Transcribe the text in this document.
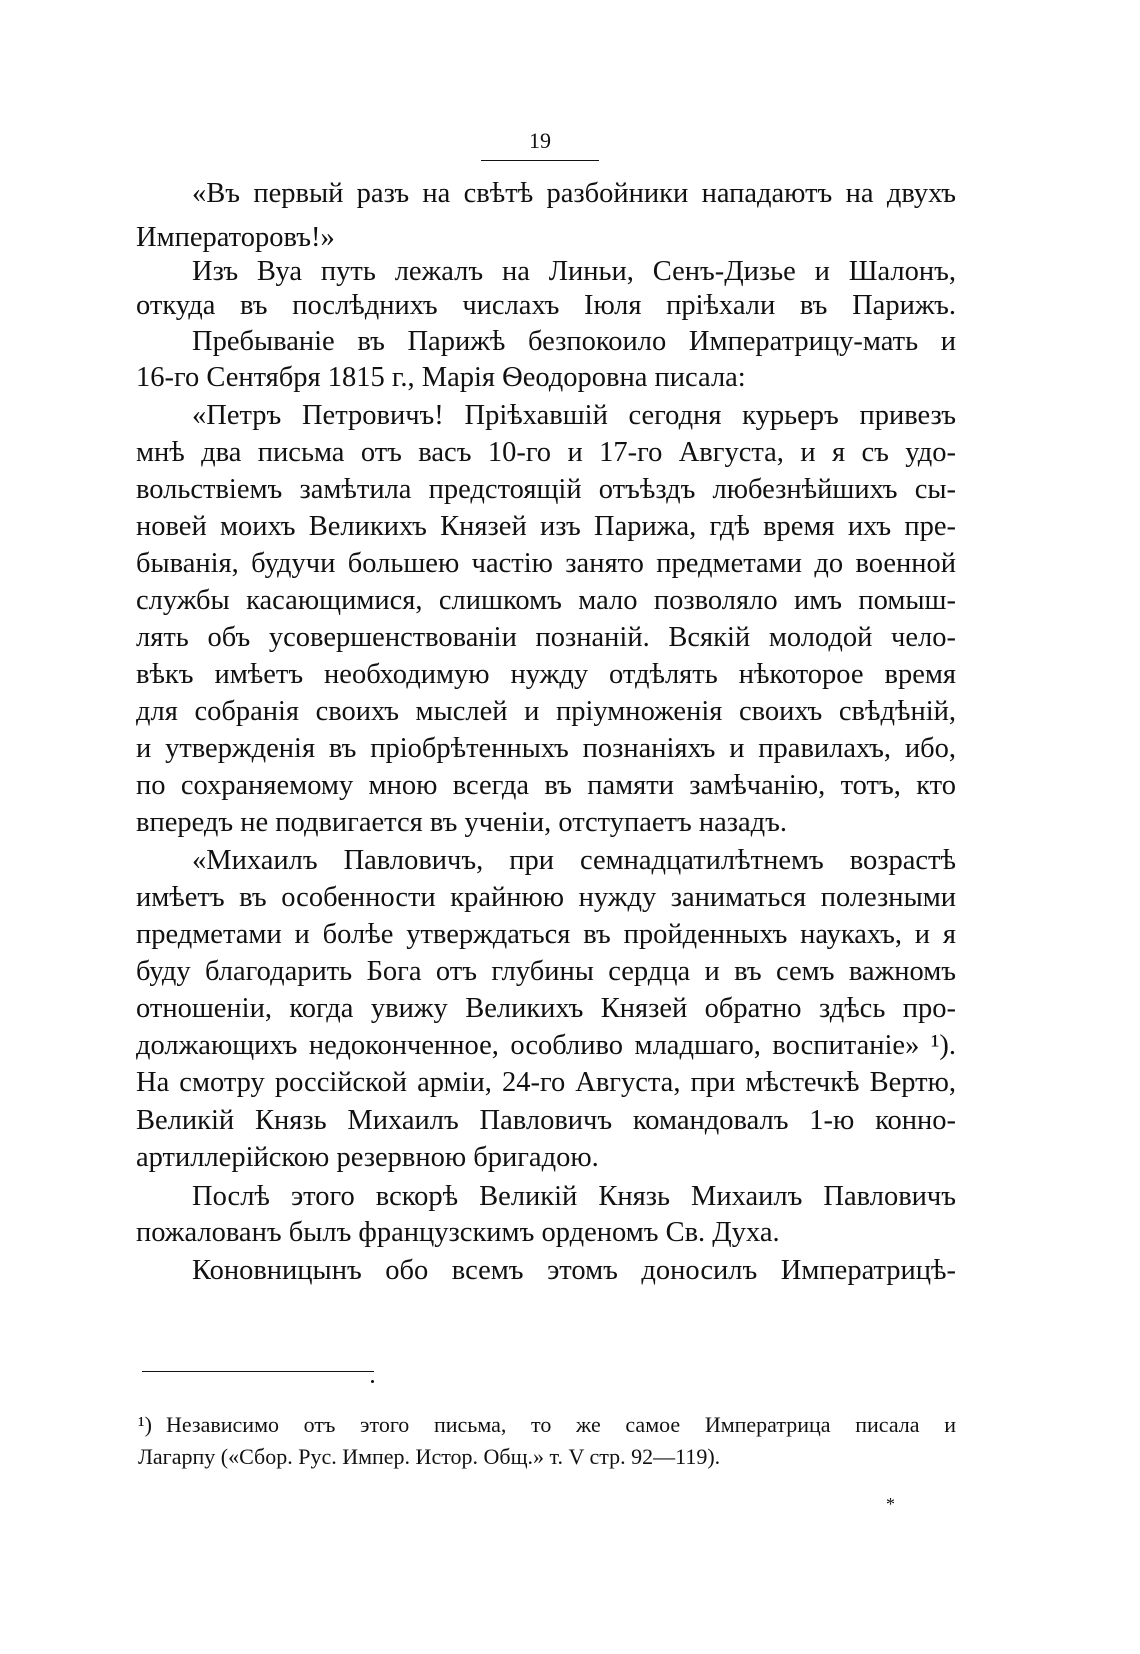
19
«Въ первый разъ на свѣтѣ разбойники нападаютъ на двухъ
Императоровъ!»
Изъ Вуа путь лежалъ на Линьи, Сенъ-Дизье и Шалонъ,
откуда въ послѣднихъ числахъ Іюля пріѣхали въ Парижъ.
Пребываніе въ Парижѣ безпокоило Императрицу-мать и
16-го Сентября 1815 г., Марія Ѳеодоровна писала:
«Петръ Петровичъ! Пріѣхавшій сегодня курьеръ привезъ
мнѣ два письма отъ васъ 10-го и 17-го Августа, и я съ удо-
вольствіемъ замѣтила предстоящій отъѣздъ любезнѣйшихъ сы-
новей моихъ Великихъ Князей изъ Парижа, гдѣ время ихъ пре-
быванія, будучи большею частію занято предметами до военной
службы касающимися, слишкомъ мало позволяло имъ помыш-
лять объ усовершенствованіи познаній. Всякій молодой чело-
вѣкъ имѣетъ необходимую нужду отдѣлять нѣкоторое время
для собранія своихъ мыслей и пріумноженія своихъ свѣдѣній,
и утвержденія въ пріобрѣтенныхъ познаніяхъ и правилахъ, ибо,
по сохраняемому мною всегда въ памяти замѣчанію, тотъ, кто
впередъ не подвигается въ ученіи, отступаетъ назадъ.
«Михаилъ Павловичъ, при семнадцатилѣтнемъ возрастѣ
имѣетъ въ особенности крайнюю нужду заниматься полезными
предметами и болѣе утверждаться въ пройденныхъ наукахъ, и я
буду благодарить Бога отъ глубины сердца и въ семъ важномъ
отношеніи, когда увижу Великихъ Князей обратно здѣсь про-
должающихъ недоконченное, особливо младшаго, воспитаніе» ¹).
На смотру россійской арміи, 24-го Августа, при мѣстечкѣ Вертю,
Великій Князь Михаилъ Павловичъ командовалъ 1-ю конно-
артиллерійскою резервною бригадою.
Послѣ этого вскорѣ Великій Князь Михаилъ Павловичъ
пожалованъ былъ французскимъ орденомъ Св. Духа.
Коновницынъ обо всемъ этомъ доносилъ Императрицѣ-
¹) Независимо отъ этого письма, то же самое Императрица писала и
Лагарпу («Сбор. Рус. Импер. Истор. Общ.» т. V стр. 92—119).
*
